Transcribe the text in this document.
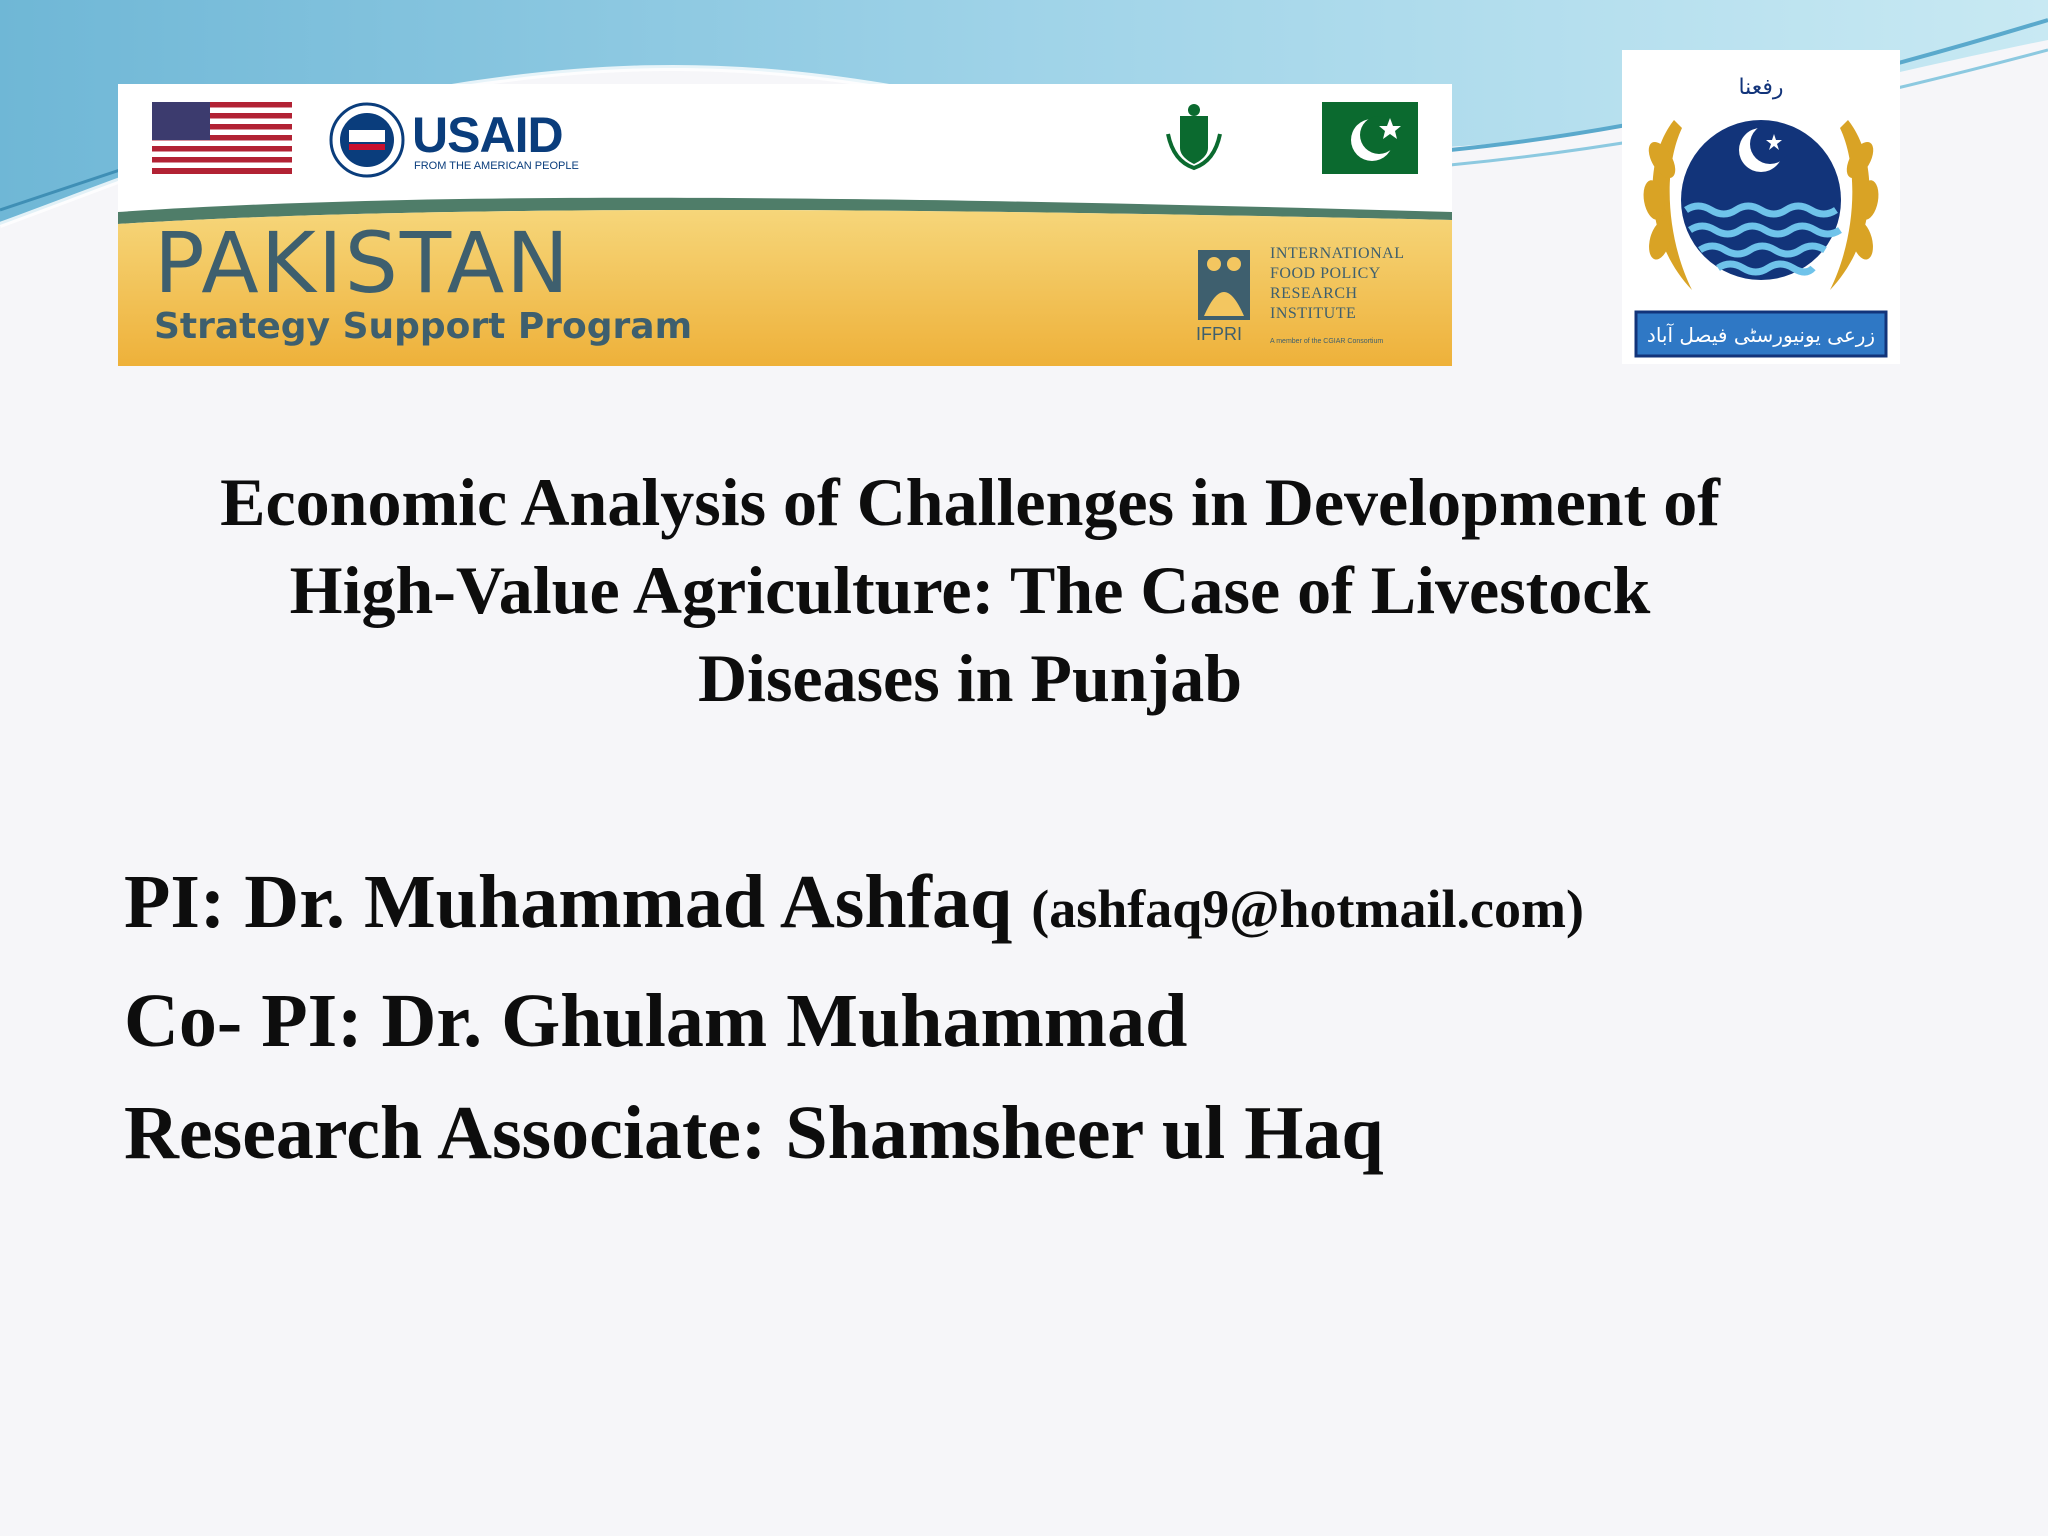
USAID
FROM THE AMERICAN PEOPLE
PAKISTAN
Strategy Support Program
INTERNATIONAL
FOOD POLICY
RESEARCH
INSTITUTE
IFPRI	A member of the CGIAR Consortium
رفعنا
زرعی یونیورسٹی فیصل آباد
Economic Analysis of Challenges in Development of
High-Value Agriculture: The Case of Livestock
Diseases in Punjab
PI: Dr. Muhammad Ashfaq (ashfaq9@hotmail.com)
Co- PI: Dr. Ghulam Muhammad
Research Associate: Shamsheer ul Haq
